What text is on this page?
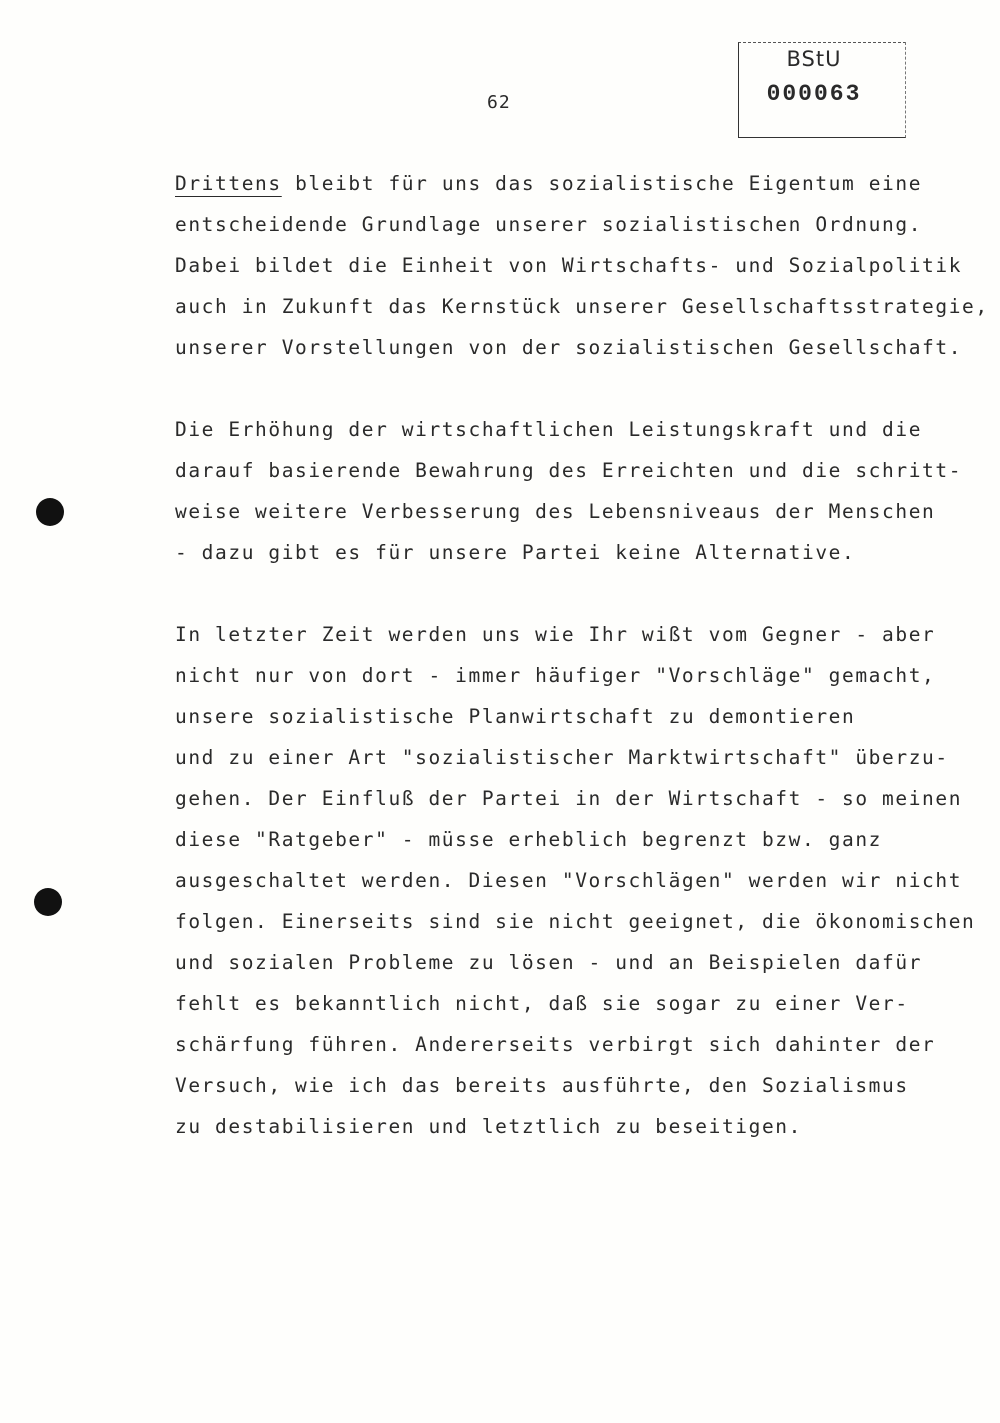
62
BStU
000063
Drittens bleibt für uns das sozialistische Eigentum eine
entscheidende Grundlage unserer sozialistischen Ordnung.
Dabei bildet die Einheit von Wirtschafts- und Sozialpolitik
auch in Zukunft das Kernstück unserer Gesellschaftsstrategie,
unserer Vorstellungen von der sozialistischen Gesellschaft.
Die Erhöhung der wirtschaftlichen Leistungskraft und die
darauf basierende Bewahrung des Erreichten und die schritt-
weise weitere Verbesserung des Lebensniveaus der Menschen
- dazu gibt es für unsere Partei keine Alternative.
In letzter Zeit werden uns wie Ihr wißt vom Gegner - aber
nicht nur von dort - immer häufiger "Vorschläge" gemacht,
unsere sozialistische Planwirtschaft zu demontieren
und zu einer Art "sozialistischer Marktwirtschaft" überzu-
gehen. Der Einfluß der Partei in der Wirtschaft - so meinen
diese "Ratgeber" - müsse erheblich begrenzt bzw. ganz
ausgeschaltet werden. Diesen "Vorschlägen" werden wir nicht
folgen. Einerseits sind sie nicht geeignet, die ökonomischen
und sozialen Probleme zu lösen - und an Beispielen dafür
fehlt es bekanntlich nicht, daß sie sogar zu einer Ver-
schärfung führen. Andererseits verbirgt sich dahinter der
Versuch, wie ich das bereits ausführte, den Sozialismus
zu destabilisieren und letztlich zu beseitigen.
